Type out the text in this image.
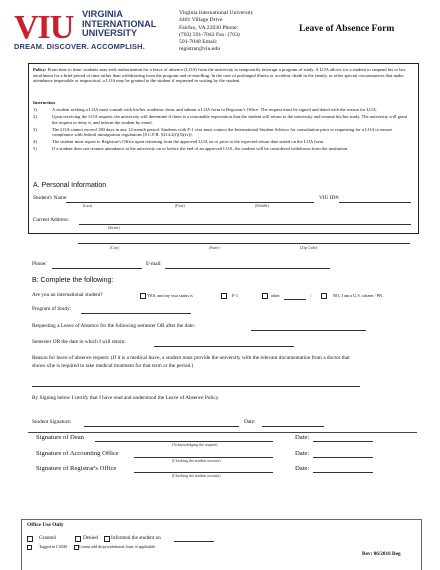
VIU VIRGINIA
INTERNATIONAL
UNIVERSITY
DREAM. DISCOVER. ACCOMPLISH.
Virginia International University
4401 Village Drive
Fairfax, VA 22030 Phone:
(703) 591-7042 Fax: (703)
591-7048 Email:
registrar@viu.edu
Leave of Absence Form
Policy: From time to time, students may seek authorization for a leave of absence (LOA) from the university to temporarily interrupt a program of study. A LOA allows for a student to suspend his or her enrollment for a brief period of time rather than withdrawing from the program and re-enrolling. In the case of prolonged illness or accident, death in the family, or other special circumstances that make attendance impossible or impractical, a LOA may be granted to the student if requested in writing by the student.
Instruction
1)	A student seeking a LOA must consult with his/her academic dean, and submit a LOA form to Registrar's Office. The request must be signed and dated with the reason for LOA.
2)	Upon receiving the LOA request, the university will determine if there is a reasonable expectation that the student will return to the university and resume his/her study. The university will grant the request or deny it, and inform the student by email.
3)	The LOA cannot exceed 180 days in any 12-month period. Students with F-1 visa must contact the International Student Advisor for consultation prior to requesting for a LOA to ensure compliance with federal immigration regulations [8 C.F.R. §214.2(f)(5)(iv)].
4)	The student must report to Registrar's Office upon returning from the approved LOA on or prior to the expected return date stated on the LOA form.
5)	If a student does not resume attendance at the university on or before the end of an approved LOA, the student will be considered withdrawn from the institution.
A. Personal Information
Student's Name:	VIU ID#:
(Last)	(First)	(Middle)
Current Address:
(Street)
(City)	(State)	(Zip Code)
Phone:	E-mail:
B: Complete the following:
Are you an international student?	YES, and my visa status is	F-1	other	/	NO, I am a U.S. citizen / PR.
Program of Study:
Requesting a Leave of Absence for the following semester OR after the date:
Semester OR the date in which I will return:
Reason for leave of absence request: (If it is a medical leave, a student must provide the university with the relevant documentation from a doctor that shows s/he is required to take medical treatment for that term or the period.)
By Signing below I certify that I have read and understood the Leave of Absence Policy.
Student Signature:	Date:
Signature of Dean
(Acknowledging the request)
Date:
Signature of Accounting Office
(Checking the student account)
Date:
Signature of Registrar's Office
(Checking the student account)
Date:
Office Use Only
Granted	Denied	Informed the student on
Tagged in CAMS	Course add drop/withdrawal form, if applicable
Rev: 06/2016 Reg
